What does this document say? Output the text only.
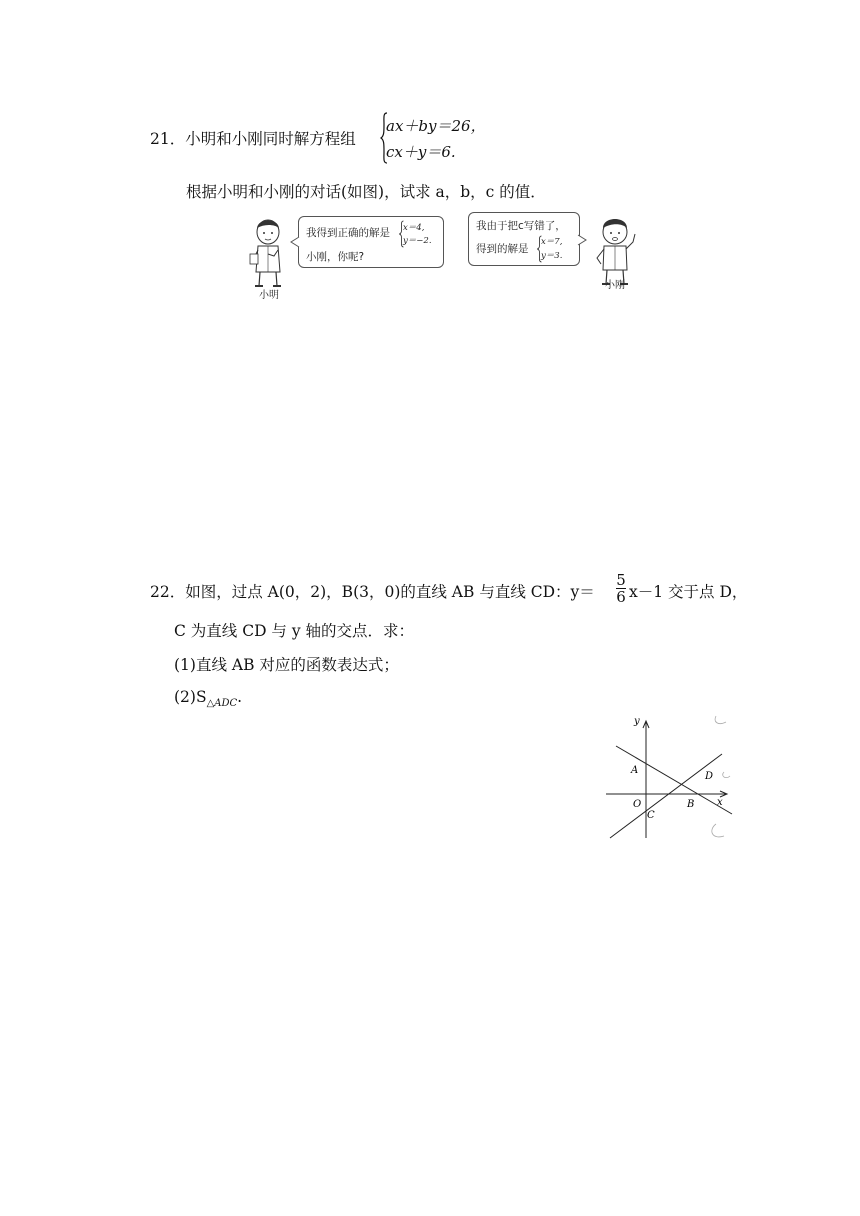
21．小明和小刚同时解方程组
ax＋by＝26，
cx＋y＝6.
根据小明和小刚的对话(如图)，试求 a，b，c 的值．
小明
我得到正确的解是 x＝4,
y＝−2.
小刚，你呢?
我由于把c写错了，
得到的解是
x＝7,
y＝3.
小刚
22．如图，过点 A(0，2)，B(3，0)的直线 AB 与直线 CD：y＝
5
6 x－1 交于点 D，
C 为直线 CD 与 y 轴的交点．求：
(1)直线 AB 对应的函数表达式；
$(2)S_{\triangle ADC}$.
y
x
A
B
C
D
O
